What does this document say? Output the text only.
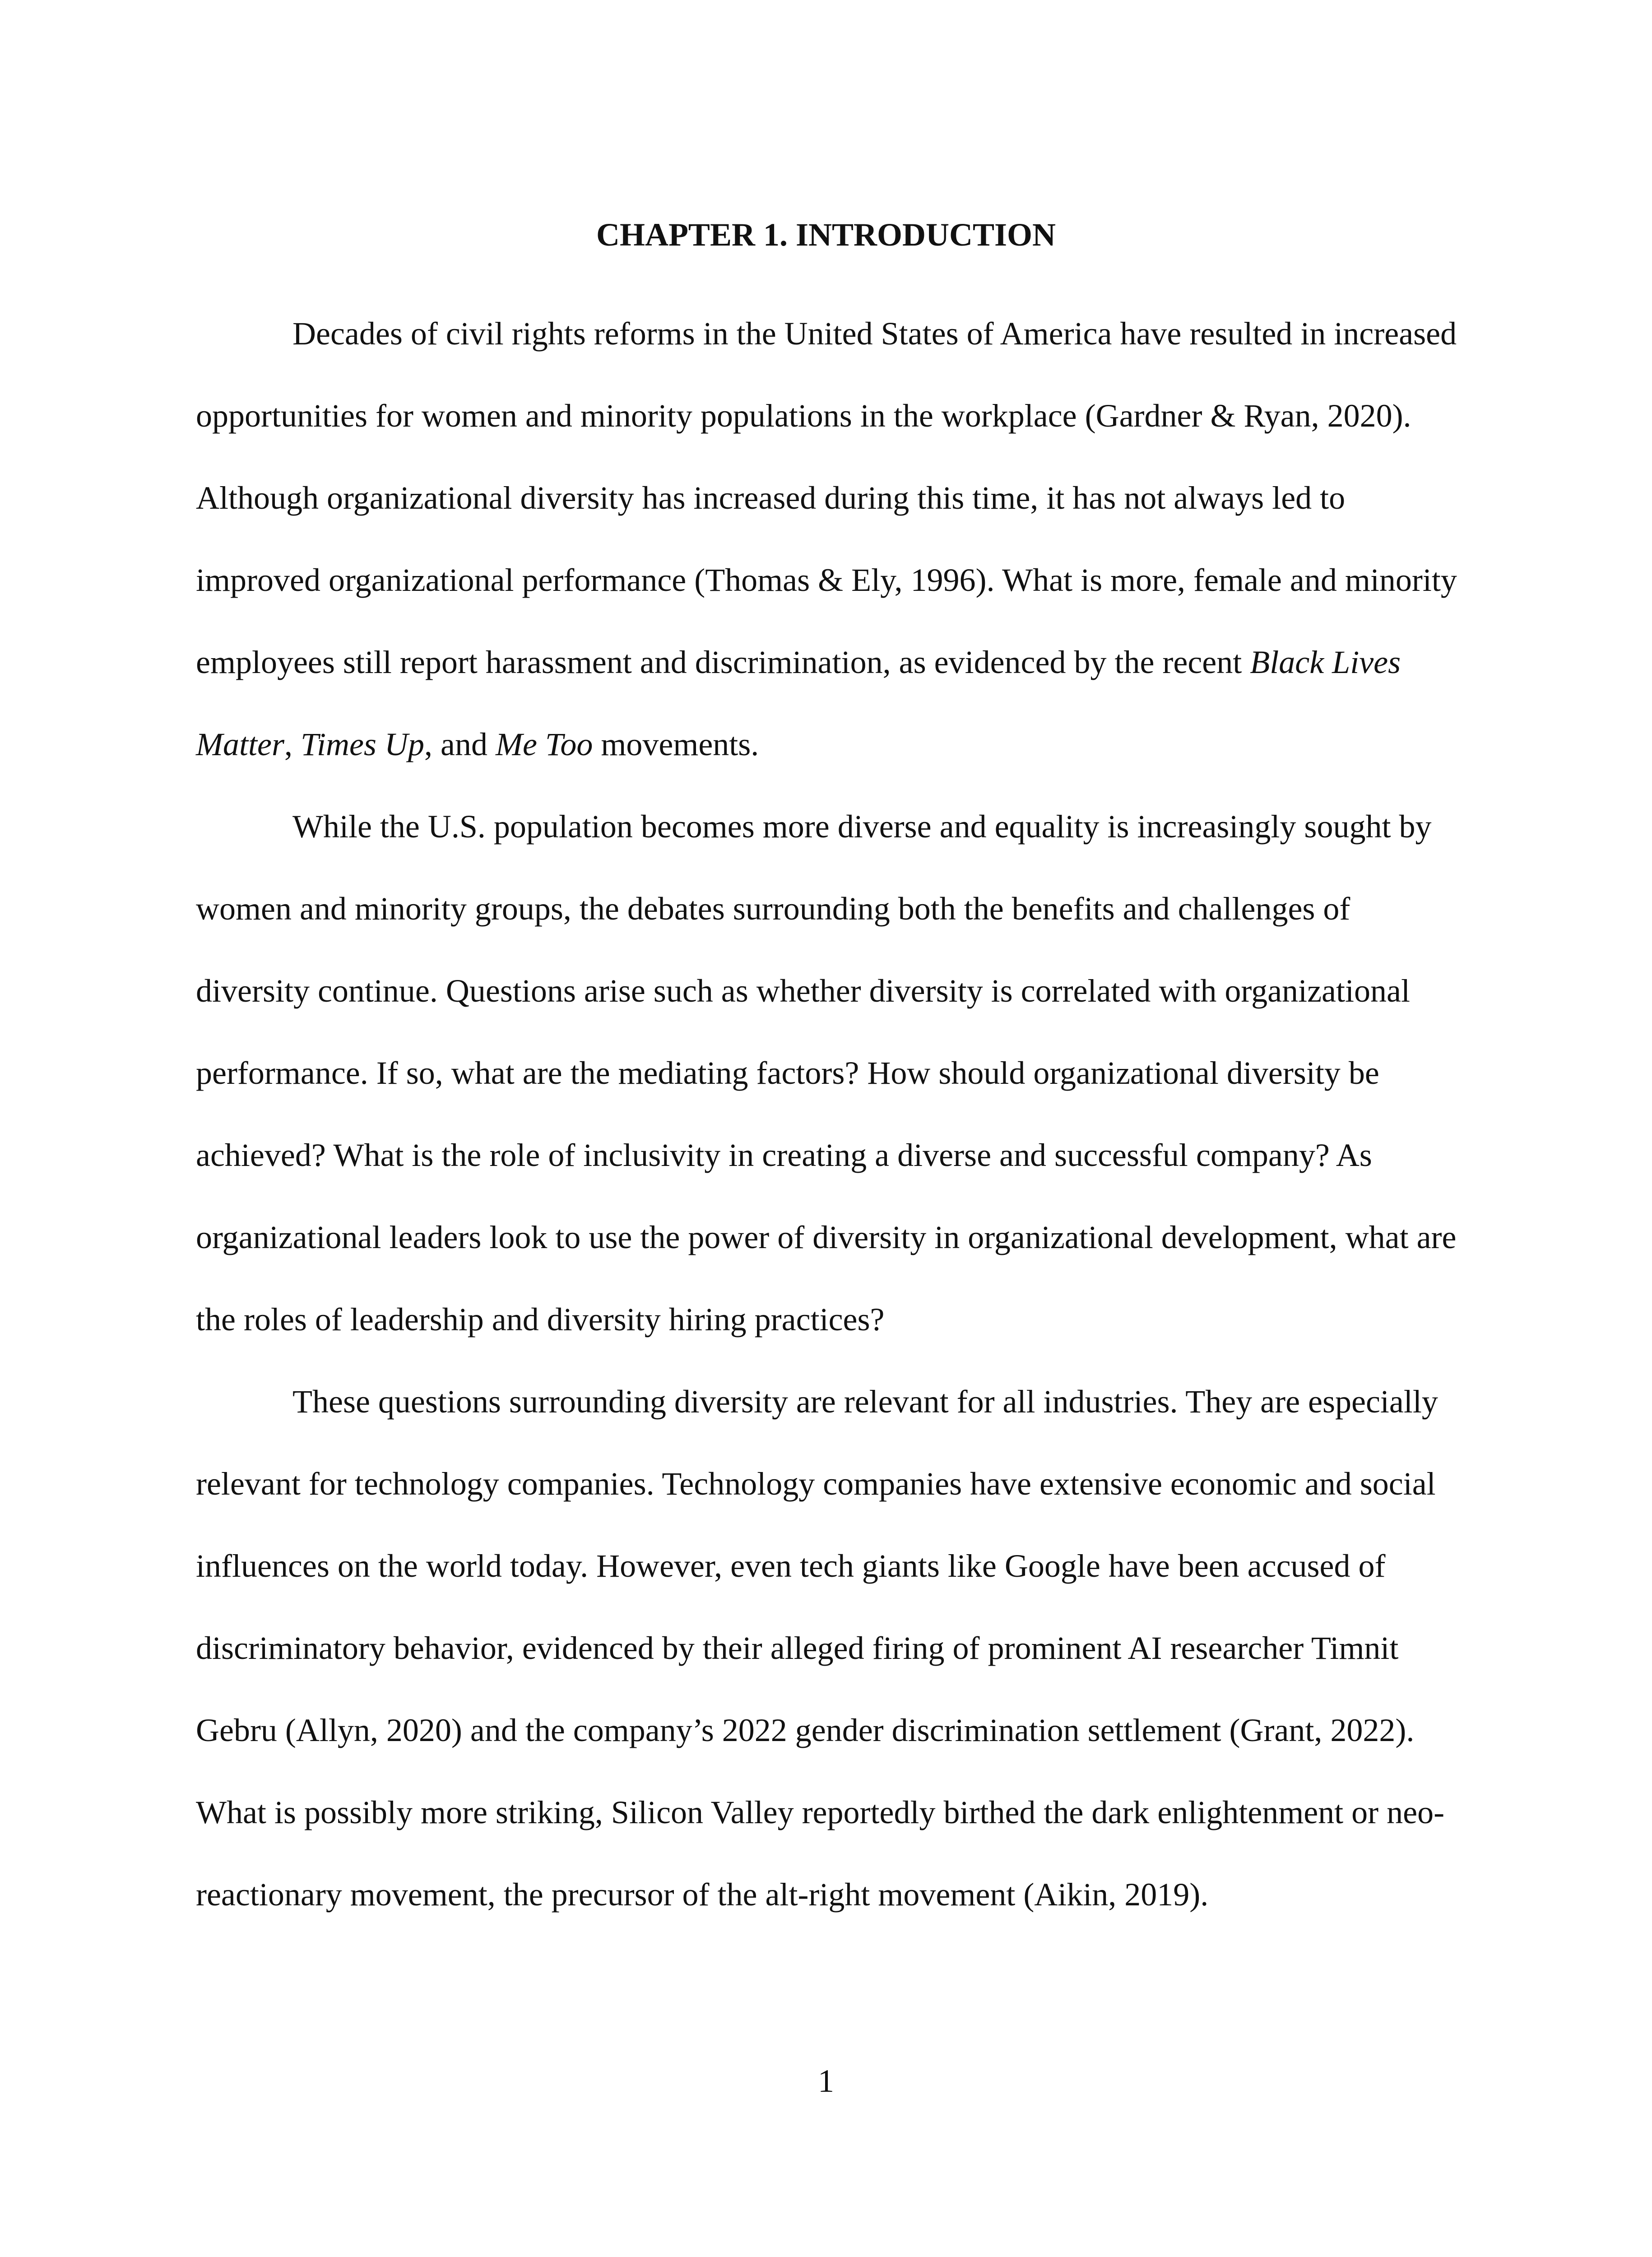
CHAPTER 1. INTRODUCTION

Decades of civil rights reforms in the United States of America have resulted in increased opportunities for women and minority populations in the workplace (Gardner & Ryan, 2020). Although organizational diversity has increased during this time, it has not always led to improved organizational performance (Thomas & Ely, 1996). What is more, female and minority employees still report harassment and discrimination, as evidenced by the recent Black Lives Matter, Times Up, and Me Too movements.

While the U.S. population becomes more diverse and equality is increasingly sought by women and minority groups, the debates surrounding both the benefits and challenges of diversity continue. Questions arise such as whether diversity is correlated with organizational performance. If so, what are the mediating factors? How should organizational diversity be achieved? What is the role of inclusivity in creating a diverse and successful company? As organizational leaders look to use the power of diversity in organizational development, what are the roles of leadership and diversity hiring practices?

These questions surrounding diversity are relevant for all industries. They are especially relevant for technology companies. Technology companies have extensive economic and social influences on the world today. However, even tech giants like Google have been accused of discriminatory behavior, evidenced by their alleged firing of prominent AI researcher Timnit Gebru (Allyn, 2020) and the company’s 2022 gender discrimination settlement (Grant, 2022). What is possibly more striking, Silicon Valley reportedly birthed the dark enlightenment or neo-reactionary movement, the precursor of the alt-right movement (Aikin, 2019).

1
